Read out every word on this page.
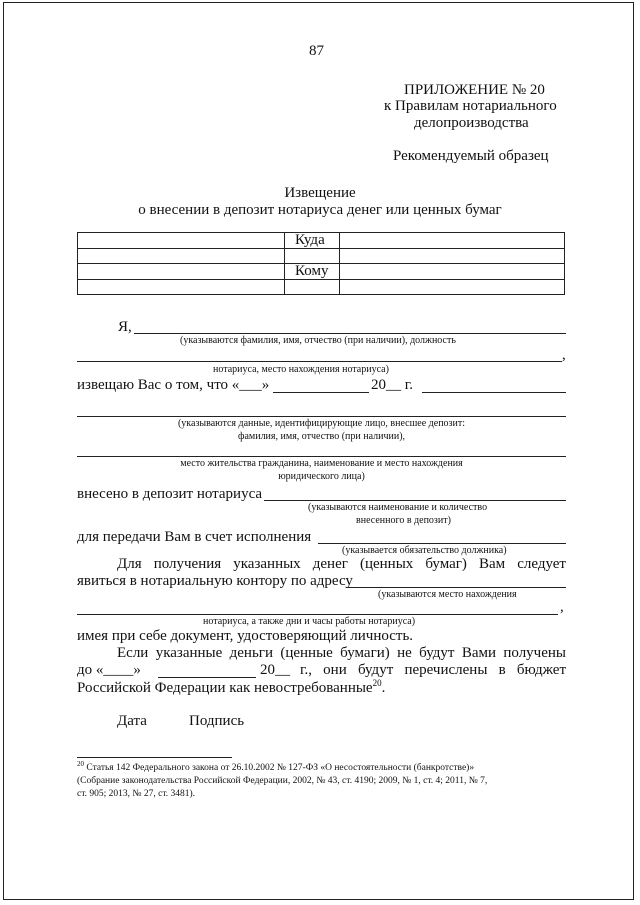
87
ПРИЛОЖЕНИЕ № 20
к Правилам нотариального
делопроизводства
Рекомендуемый образец
Извещение
о внесении в депозит нотариуса денег или ценных бумаг
	Куда	

	Кому	

Я,
(указываются фамилия, имя, отчество (при наличии), должность
,
нотариуса, место нахождения нотариуса)
извещаю Вас о том, что «___»	20 __ г.
(указываются данные, идентифицирующие лицо, внесшее депозит:
фамилия, имя, отчество (при наличии),
место жительства гражданина, наименование и место нахождения
юридического лица)
внесено в депозит нотариуса
(указываются наименование и количество
внесенного в депозит)
для передачи Вам в счет исполнения
(указывается обязательство должника)
Для получения указанных денег (ценных бумаг) Вам следует
явиться в нотариальную контору по адресу
(указываются место нахождения
,
нотариуса, а также дни и часы работы нотариуса)
имея при себе документ, удостоверяющий личность.
Если указанные деньги (ценные бумаги) не будут Вами получены
до «____»	20__ г., они будут перечислены в бюджет
Российской Федерации как невостребованные$^{20}$.
Дата	Подпись
$^{20}$ Статья 142 Федерального закона от 26.10.2002 № 127-ФЗ «О несостоятельности (банкротстве)»
(Собрание законодательства Российской Федерации, 2002, № 43, ст. 4190; 2009, № 1, ст. 4; 2011, № 7,
ст. 905; 2013, № 27, ст. 3481).
